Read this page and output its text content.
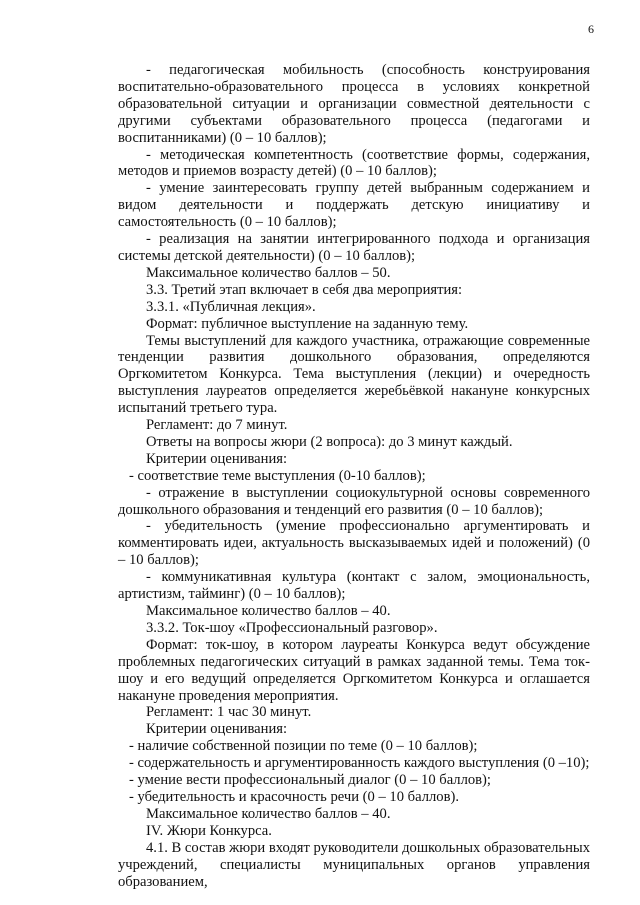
6

- педагогическая мобильность (способность конструирования воспитательно-образовательного процесса в условиях конкретной образовательной ситуации и организации совместной деятельности с другими субъектами образовательного процесса (педагогами и воспитанниками) (0 – 10 баллов);

- методическая компетентность (соответствие формы, содержания, методов и приемов возрасту детей) (0 – 10 баллов);

- умение заинтересовать группу детей выбранным содержанием и видом деятельности и поддержать детскую инициативу и самостоятельность (0 – 10 баллов);

- реализация на занятии интегрированного подхода и организация системы детской деятельности) (0 – 10 баллов);

Максимальное количество баллов – 50.

3.3. Третий этап включает в себя два мероприятия:

3.3.1. «Публичная лекция».

Формат: публичное выступление на заданную тему.

Темы выступлений для каждого участника, отражающие современные тенденции развития дошкольного образования, определяются Оргкомитетом Конкурса. Тема выступления (лекции) и очередность выступления лауреатов определяется жеребьёвкой накануне конкурсных испытаний третьего тура.

Регламент: до 7 минут.

Ответы на вопросы жюри (2 вопроса): до 3 минут каждый.

Критерии оценивания:

- соответствие теме выступления (0-10 баллов);

- отражение в выступлении социокультурной основы современного дошкольного образования и тенденций его развития (0 – 10 баллов);

- убедительность (умение профессионально аргументировать и комментировать идеи, актуальность высказываемых идей и положений) (0 – 10 баллов);

- коммуникативная культура (контакт с залом, эмоциональность, артистизм, тайминг) (0 – 10 баллов);

Максимальное количество баллов – 40.

3.3.2. Ток-шоу «Профессиональный разговор».

Формат: ток-шоу, в котором лауреаты Конкурса ведут обсуждение проблемных педагогических ситуаций в рамках заданной темы. Тема ток-шоу и его ведущий определяется Оргкомитетом Конкурса и оглашается накануне проведения мероприятия.

Регламент: 1 час 30 минут.

Критерии оценивания:

- наличие собственной позиции по теме (0 – 10 баллов);

- содержательность и аргументированность каждого выступления (0 –10);

- умение вести профессиональный диалог (0 – 10 баллов);

- убедительность и красочность речи (0 – 10 баллов).

Максимальное количество баллов – 40.

IV. Жюри Конкурса.

4.1. В состав жюри входят руководители дошкольных образовательных учреждений, специалисты муниципальных органов управления образованием,
